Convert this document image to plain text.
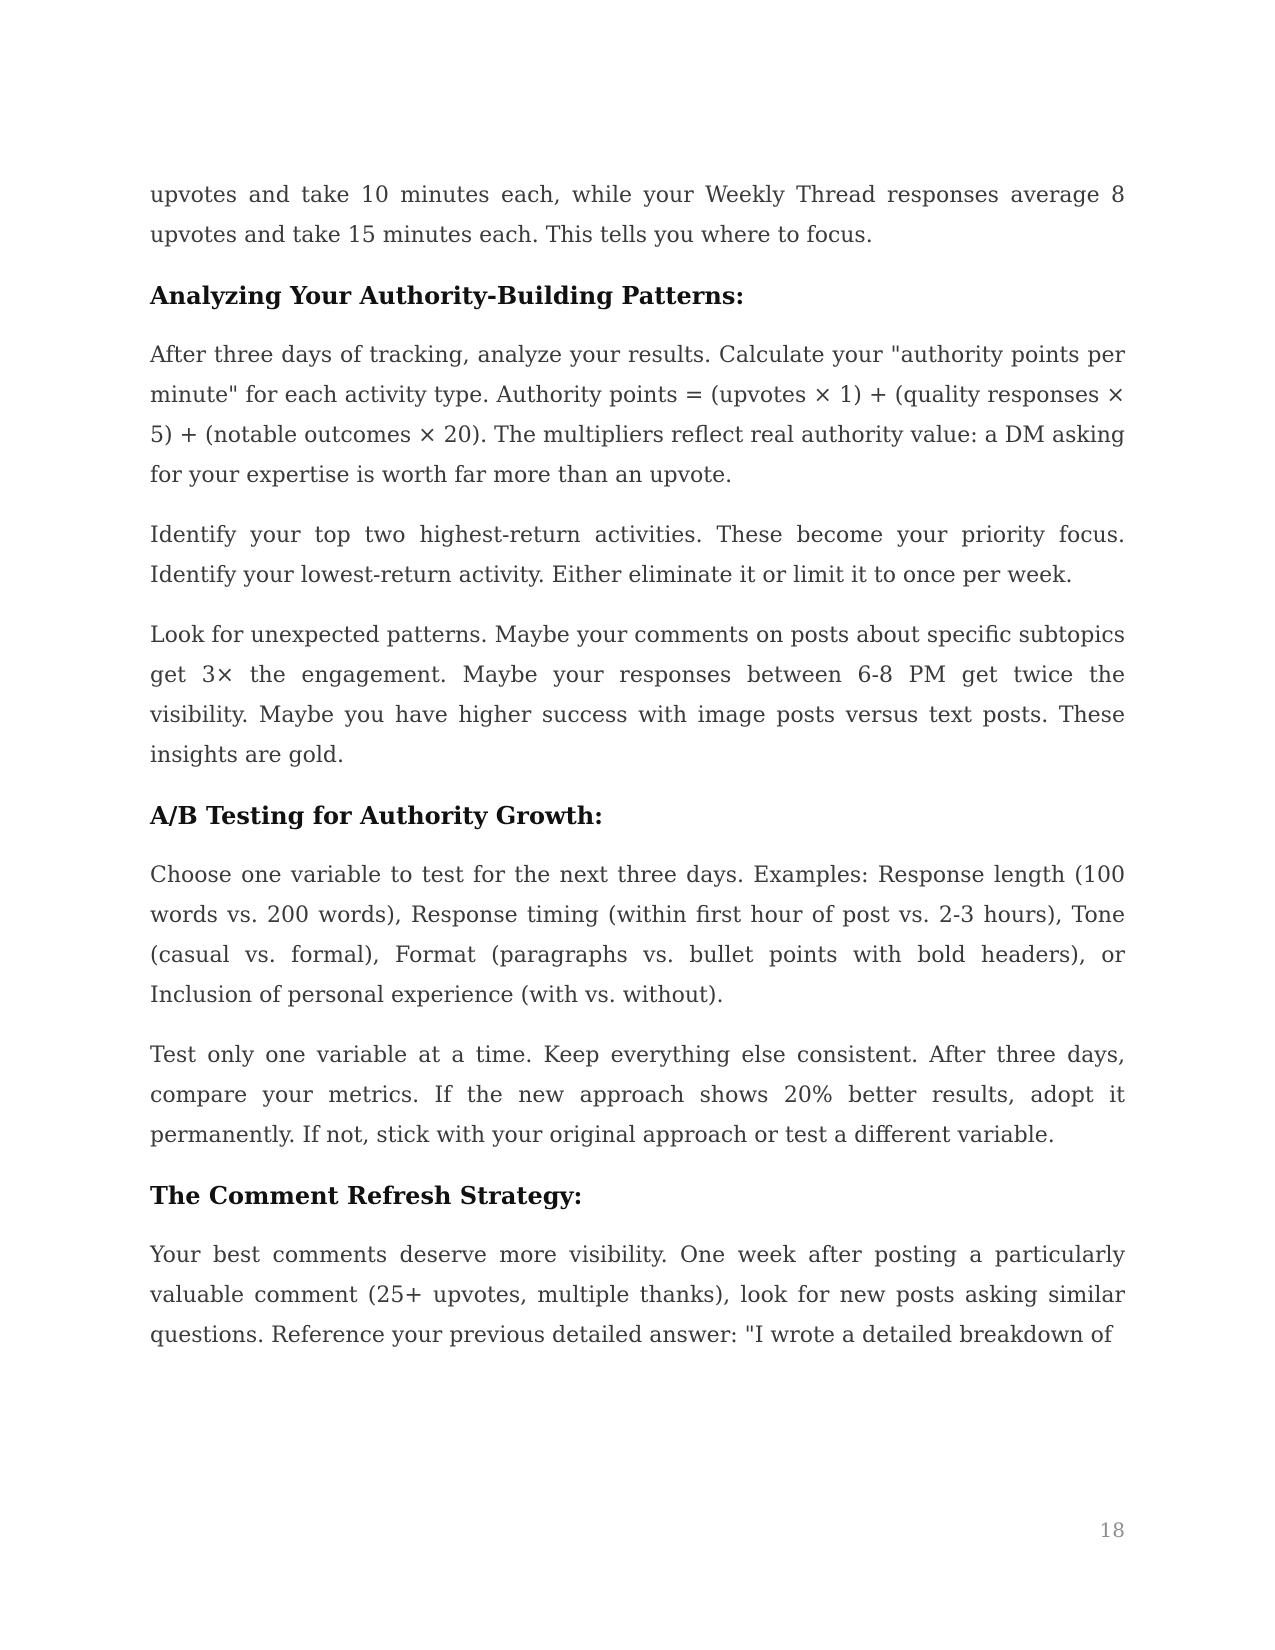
upvotes and take 10 minutes each, while your Weekly Thread responses average 8 upvotes and take 15 minutes each. This tells you where to focus.

Analyzing Your Authority-Building Patterns:

After three days of tracking, analyze your results. Calculate your "authority points per minute" for each activity type. Authority points = (upvotes × 1) + (quality responses × 5) + (notable outcomes × 20). The multipliers reflect real authority value: a DM asking for your expertise is worth far more than an upvote.

Identify your top two highest-return activities. These become your priority focus. Identify your lowest-return activity. Either eliminate it or limit it to once per week.

Look for unexpected patterns. Maybe your comments on posts about specific subtopics get 3× the engagement. Maybe your responses between 6-8 PM get twice the visibility. Maybe you have higher success with image posts versus text posts. These insights are gold.

A/B Testing for Authority Growth:

Choose one variable to test for the next three days. Examples: Response length (100 words vs. 200 words), Response timing (within first hour of post vs. 2-3 hours), Tone (casual vs. formal), Format (paragraphs vs. bullet points with bold headers), or Inclusion of personal experience (with vs. without).

Test only one variable at a time. Keep everything else consistent. After three days, compare your metrics. If the new approach shows 20% better results, adopt it permanently. If not, stick with your original approach or test a different variable.

The Comment Refresh Strategy:

Your best comments deserve more visibility. One week after posting a particularly valuable comment (25+ upvotes, multiple thanks), look for new posts asking similar questions. Reference your previous detailed answer: "I wrote a detailed breakdown of

18
